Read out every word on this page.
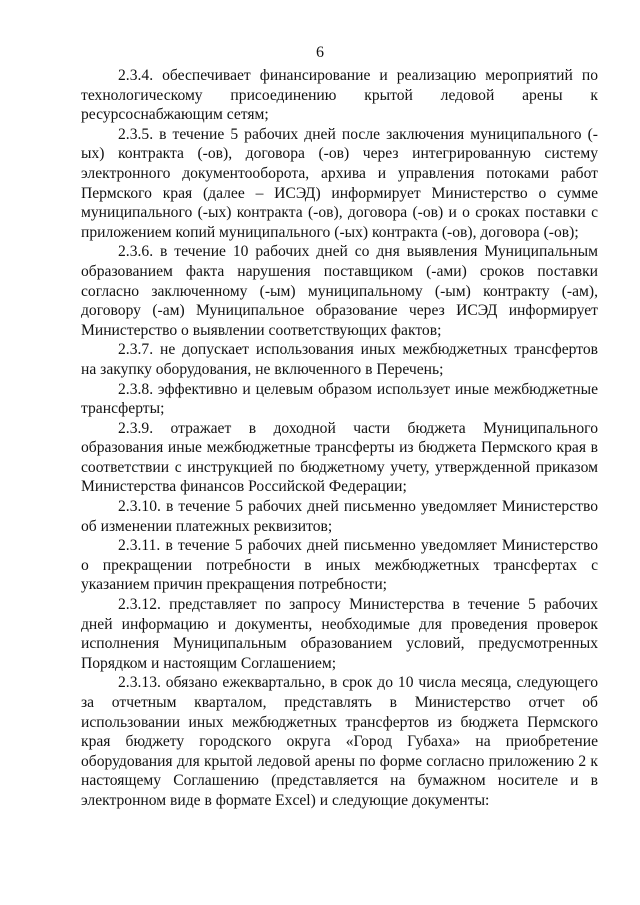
6

2.3.4. обеспечивает финансирование и реализацию мероприятий по технологическому присоединению крытой ледовой арены к ресурсоснабжающим сетям;

2.3.5. в течение 5 рабочих дней после заключения муниципального (-ых) контракта (-ов), договора (-ов) через интегрированную систему электронного документооборота, архива и управления потоками работ Пермского края (далее – ИСЭД) информирует Министерство о сумме муниципального (-ых) контракта (-ов), договора (-ов) и о сроках поставки с приложением копий муниципального (-ых) контракта (-ов), договора (-ов);

2.3.6. в течение 10 рабочих дней со дня выявления Муниципальным образованием факта нарушения поставщиком (-ами) сроков поставки согласно заключенному (-ым) муниципальному (-ым) контракту (-ам), договору (-ам) Муниципальное образование через ИСЭД информирует Министерство о выявлении соответствующих фактов;

2.3.7. не допускает использования иных межбюджетных трансфертов на закупку оборудования, не включенного в Перечень;

2.3.8. эффективно и целевым образом использует иные межбюджетные трансферты;

2.3.9. отражает в доходной части бюджета Муниципального образования иные межбюджетные трансферты из бюджета Пермского края в соответствии с инструкцией по бюджетному учету, утвержденной приказом Министерства финансов Российской Федерации;

2.3.10. в течение 5 рабочих дней письменно уведомляет Министерство об изменении платежных реквизитов;

2.3.11. в течение 5 рабочих дней письменно уведомляет Министерство о прекращении потребности в иных межбюджетных трансфертах с указанием причин прекращения потребности;

2.3.12. представляет по запросу Министерства в течение 5 рабочих дней информацию и документы, необходимые для проведения проверок исполнения Муниципальным образованием условий, предусмотренных Порядком и настоящим Соглашением;

2.3.13. обязано ежеквартально, в срок до 10 числа месяца, следующего за отчетным кварталом, представлять в Министерство отчет об использовании иных межбюджетных трансфертов из бюджета Пермского края бюджету городского округа «Город Губаха» на приобретение оборудования для крытой ледовой арены по форме согласно приложению 2 к настоящему Соглашению (представляется на бумажном носителе и в электронном виде в формате Excel) и следующие документы:
